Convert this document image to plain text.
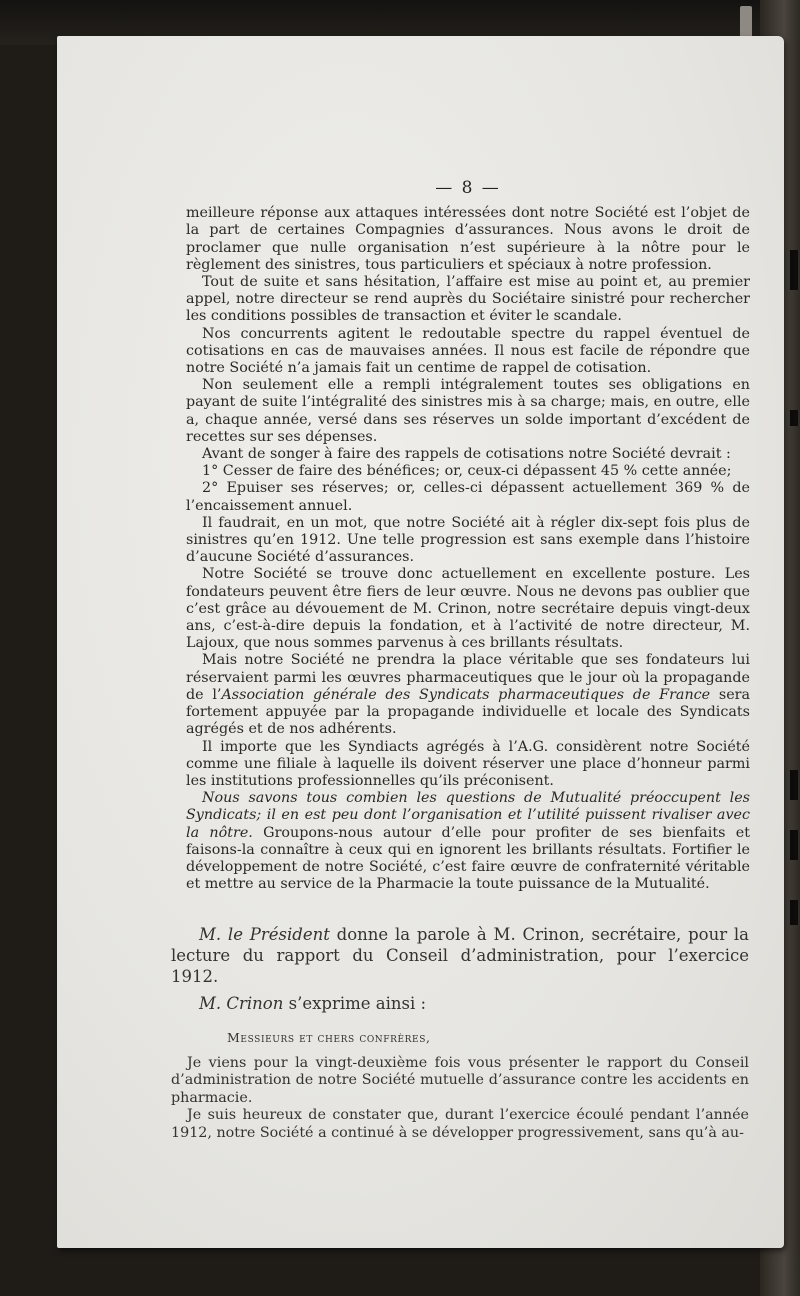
— 8 —

meilleure réponse aux attaques intéressées dont notre Société est l’objet de la part de certaines Compagnies d’assurances. Nous avons le droit de proclamer que nulle organisation n’est supérieure à la nôtre pour le règlement des sinistres, tous particuliers et spéciaux à notre profession.

Tout de suite et sans hésitation, l’affaire est mise au point et, au premier appel, notre directeur se rend auprès du Sociétaire sinistré pour rechercher les conditions possibles de transaction et éviter le scandale.

Nos concurrents agitent le redoutable spectre du rappel éventuel de cotisations en cas de mauvaises années. Il nous est facile de répondre que notre Société n’a jamais fait un centime de rappel de cotisation.

Non seulement elle a rempli intégralement toutes ses obligations en payant de suite l’intégralité des sinistres mis à sa charge; mais, en outre, elle a, chaque année, versé dans ses réserves un solde important d’excédent de recettes sur ses dépenses.

Avant de songer à faire des rappels de cotisations notre Société devrait :

1° Cesser de faire des bénéfices; or, ceux-ci dépassent 45 % cette année;

2° Epuiser ses réserves; or, celles-ci dépassent actuellement 369 % de l’encaissement annuel.

Il faudrait, en un mot, que notre Société ait à régler dix-sept fois plus de sinistres qu’en 1912. Une telle progression est sans exemple dans l’histoire d’aucune Société d’assurances.

Notre Société se trouve donc actuellement en excellente posture. Les fondateurs peuvent être fiers de leur œuvre. Nous ne devons pas oublier que c’est grâce au dévouement de M. Crinon, notre secrétaire depuis vingt-deux ans, c’est-à-dire depuis la fondation, et à l’activité de notre directeur, M. Lajoux, que nous sommes parvenus à ces brillants résultats.

Mais notre Société ne prendra la place véritable que ses fondateurs lui réservaient parmi les œuvres pharmaceutiques que le jour où la propagande de l’Association générale des Syndicats pharmaceutiques de France sera fortement appuyée par la propagande individuelle et locale des Syndicats agrégés et de nos adhérents.

Il importe que les Syndiacts agrégés à l’A.G. considèrent notre Société comme une filiale à laquelle ils doivent réserver une place d’honneur parmi les institutions professionnelles qu’ils préconisent.

Nous savons tous combien les questions de Mutualité préoccupent les Syndicats; il en est peu dont l’organisation et l’utilité puissent rivaliser avec la nôtre. Groupons-nous autour d’elle pour profiter de ses bienfaits et faisons-la connaître à ceux qui en ignorent les brillants résultats. Fortifier le développement de notre Société, c’est faire œuvre de confraternité véritable et mettre au service de la Pharmacie la toute puissance de la Mutualité.

M. le Président donne la parole à M. Crinon, secrétaire, pour la lecture du rapport du Conseil d’administration, pour l’exercice 1912.

M. Crinon s’exprime ainsi :

Messieurs et chers confrères,

Je viens pour la vingt-deuxième fois vous présenter le rapport du Conseil d’administration de notre Société mutuelle d’assurance contre les accidents en pharmacie.

Je suis heureux de constater que, durant l’exercice écoulé pendant l’année 1912, notre Société a continué à se développer progressivement, sans qu’à au-
